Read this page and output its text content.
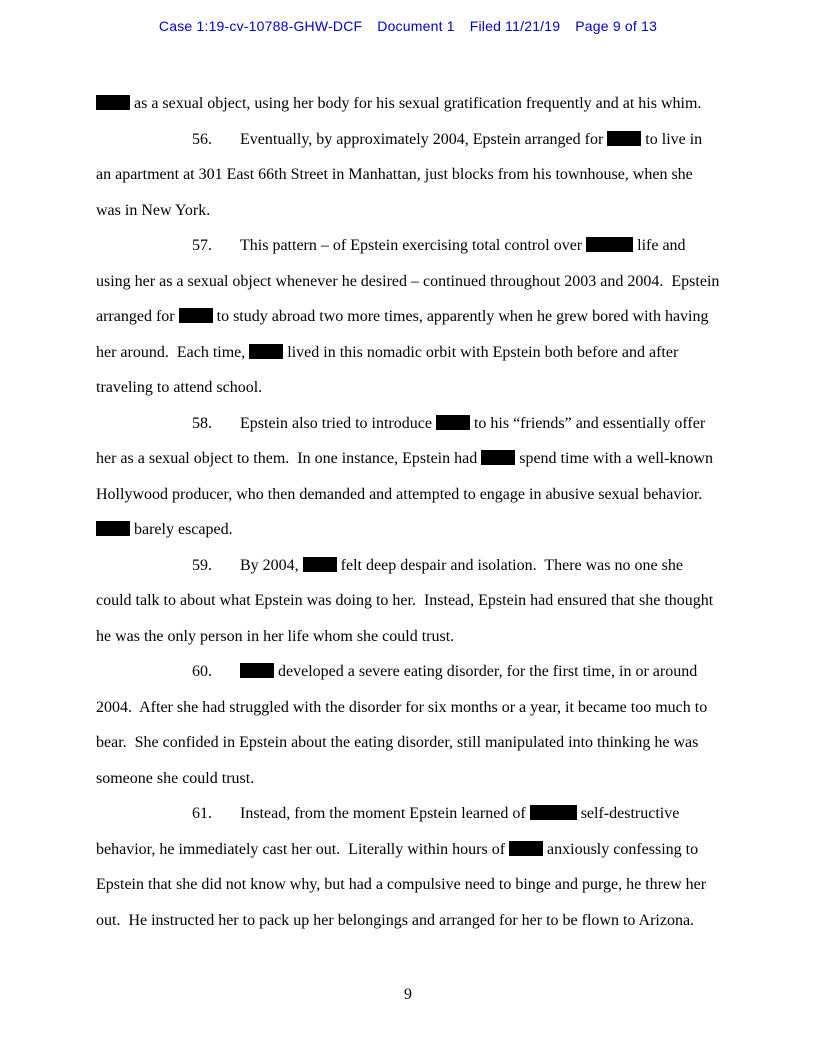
Case 1:19-cv-10788-GHW-DCF Document 1 Filed 11/21/19 Page 9 of 13

as a sexual object, using her body for his sexual gratification frequently and at his whim.

56. Eventually, by approximately 2004, Epstein arranged for  to live in an apartment at 301 East 66th Street in Manhattan, just blocks from his townhouse, when she was in New York.

57. This pattern – of Epstein exercising total control over	life and using her as a sexual object whenever he desired – continued throughout 2003 and 2004.  Epstein arranged for  to study abroad two more times, apparently when he grew bored with having her around.  Each time,  lived in this nomadic orbit with Epstein both before and after traveling to attend school.

58. Epstein also tried to introduce  to his “friends” and essentially offer her as a sexual object to them.  In one instance, Epstein had  spend time with a well-known Hollywood producer, who then demanded and attempted to engage in abusive sexual behavior.   barely escaped.

59. By 2004,  felt deep despair and isolation.  There was no one she could talk to about what Epstein was doing to her.  Instead, Epstein had ensured that she thought he was the only person in her life whom she could trust.

60.	developed a severe eating disorder, for the first time, in or around 2004.  After she had struggled with the disorder for six months or a year, it became too much to bear.  She confided in Epstein about the eating disorder, still manipulated into thinking he was someone she could trust.

61. Instead, from the moment Epstein learned of	self-destructive behavior, he immediately cast her out.  Literally within hours of  anxiously confessing to Epstein that she did not know why, but had a compulsive need to binge and purge, he threw her out.  He instructed her to pack up her belongings and arranged for her to be flown to Arizona.

9
